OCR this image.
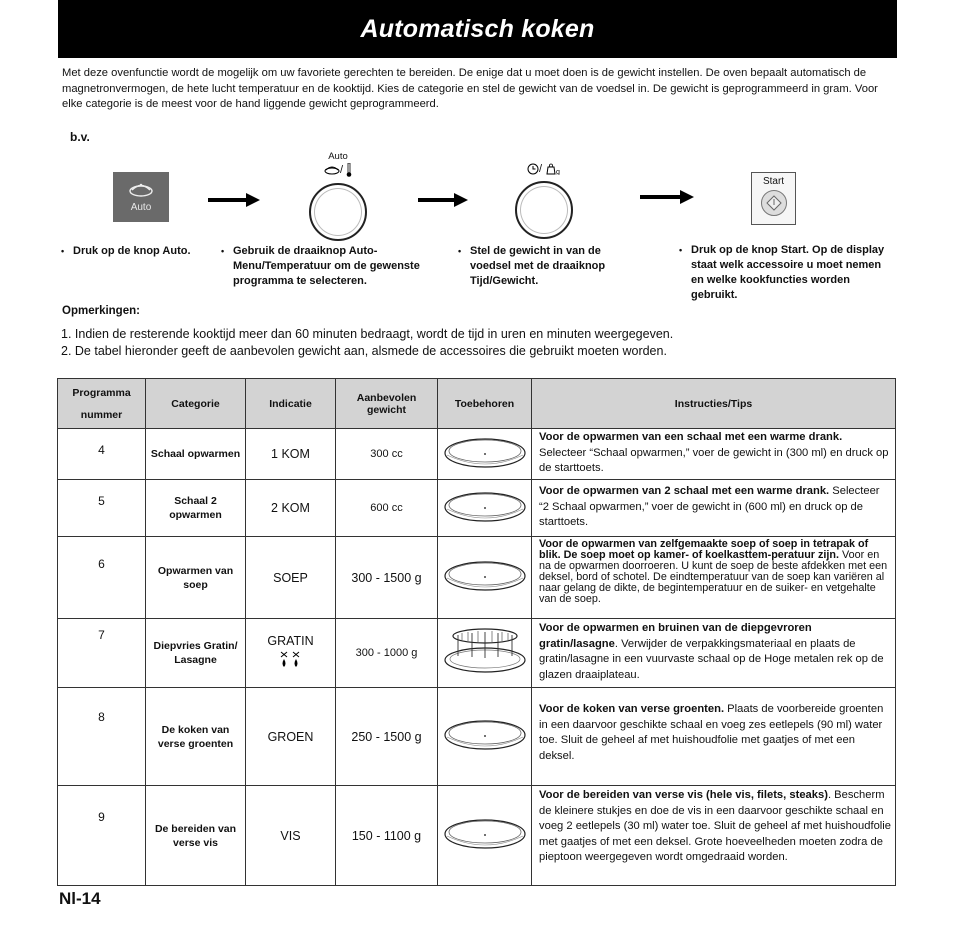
Automatisch koken

Met deze ovenfunctie wordt de mogelijk om uw favoriete gerechten te bereiden. De enige dat u moet doen is de gewicht instellen. De oven bepaalt automatisch de magnetronvermogen, de hete lucht temperatuur en de kooktijd. Kies de categorie en stel de gewicht van de voedsel in. De gewicht is geprogrammeerd in gram. Voor elke categorie is de meest voor de hand liggende gewicht geprogrammeerd.

b.v.
Auto
Auto
/
	/ g
Start
• Druk op de knop Auto.	• Gebruik de draaiknop Auto-Menu/Temperatuur om de gewenste programma te selecteren.
• Stel de gewicht in van de voedsel met de draaiknop Tijd/Gewicht.
• Druk op de knop Start. Op de display staat welk accessoire u moet nemen en welke kookfuncties worden gebruikt.
Opmerkingen:
1. Indien de resterende kooktijd meer dan 60 minuten bedraagt, wordt de tijd in uren en minuten weergegeven.
2. De tabel hieronder geeft de aanbevolen gewicht aan, alsmede de accessoires die gebruikt moeten worden.
Programma
nummer	Categorie	Indicatie	Aanbevolen gewicht	Toebehoren	Instructies/Tips
4	Schaal opwarmen	1 KOM	300 cc		Voor de opwarmen van een schaal met een warme drank. Selecteer “Schaal opwarmen,” voer de gewicht in (300 ml) en druck op de starttoets.
5	Schaal 2 opwarmen	2 KOM	600 cc		Voor de opwarmen van 2 schaal met een warme drank. Selecteer “2 Schaal opwarmen,” voer de gewicht in (600 ml) en druck op de starttoets.
6	Opwarmen van soep	SOEP	300 - 1500 g		Voor de opwarmen van zelfgemaakte soep of soep in tetrapak of blik. De soep moet op kamer- of koelkasttem-peratuur zijn. Voor en na de opwarmen doorroeren. U kunt de soep de beste afdekken met een deksel, bord of schotel. De eindtemperatuur van de soep kan variëren al naar gelang de dikte, de begintemperatuur en de suiker- en vetgehalte van de soep.
7	Diepvries Gratin/ Lasagne	GRATIN	300 - 1000 g		Voor de opwarmen en bruinen van de diepgevroren gratin/lasagne. Verwijder de verpakkingsmateriaal en plaats de gratin/lasagne in een vuurvaste schaal op de Hoge metalen rek op de glazen draaiplateau.
8	De koken van verse groenten	GROEN	250 - 1500 g		Voor de koken van verse groenten. Plaats de voorbereide groenten in een daarvoor geschikte schaal en voeg zes eetlepels (90 ml) water toe. Sluit de geheel af met huishoudfolie met gaatjes of met een deksel.
9	De bereiden van verse vis	VIS	150 - 1100 g		Voor de bereiden van verse vis (hele vis, filets, steaks). Bescherm de kleinere stukjes en doe de vis in een daarvoor geschikte schaal en voeg 2 eetlepels (30 ml) water toe. Sluit de geheel af met huishoudfolie met gaatjes of met een deksel. Grote hoeveelheden moeten zodra de pieptoon weergegeven wordt omgedraaid worden.
Nl-14
